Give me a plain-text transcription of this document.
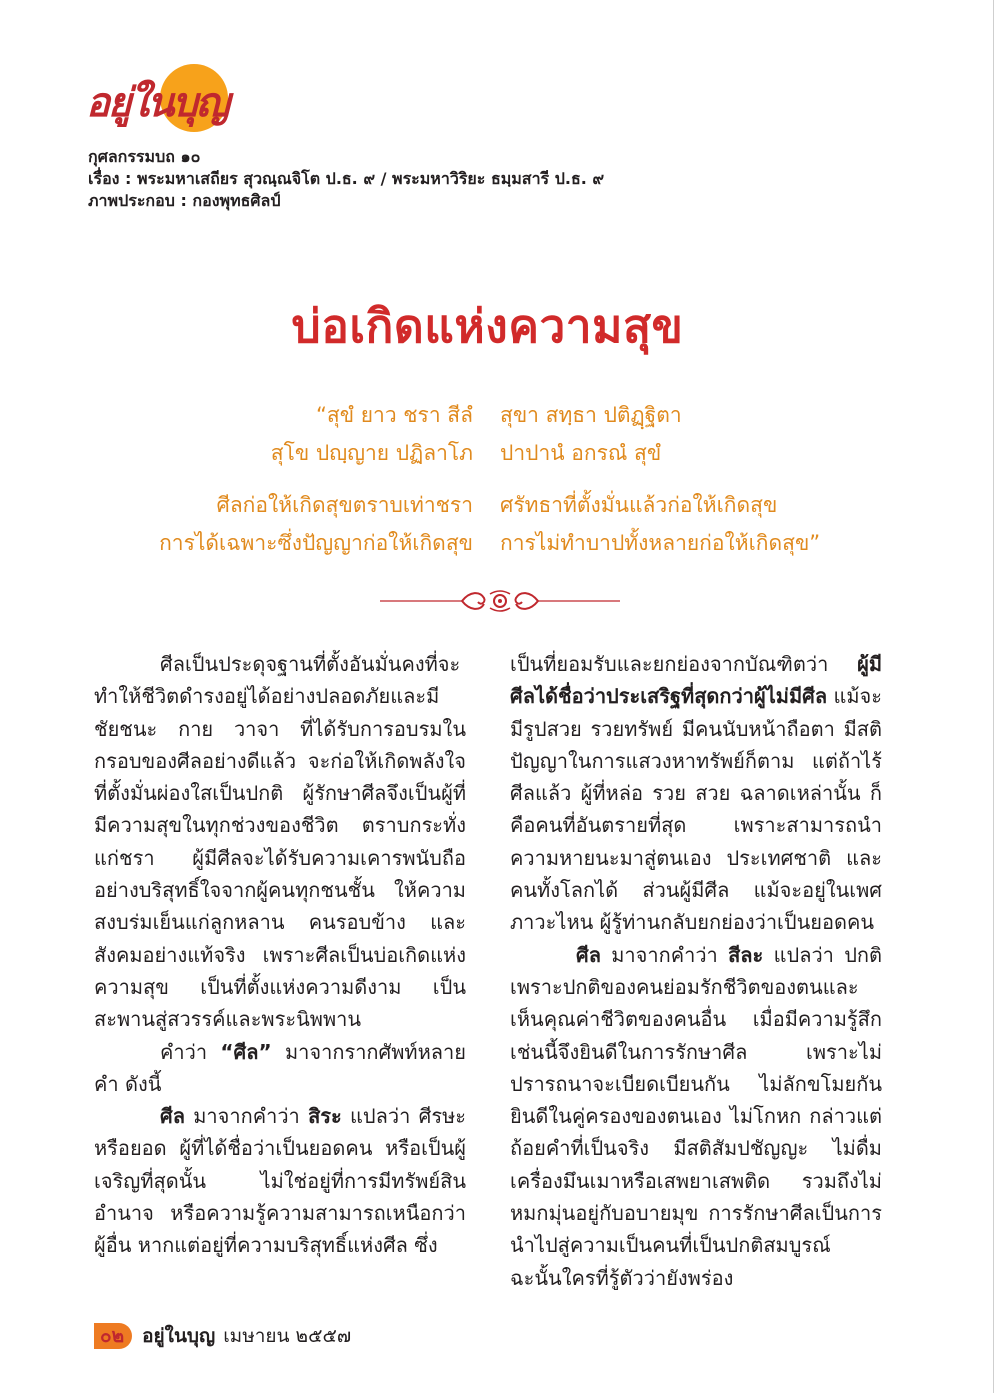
อยู่ในบุญ
กุศลกรรมบถ ๑๐
เรื่อง : พระมหาเสถียร สุวณฺณจิโต ป.ธ. ๙ / พระมหาวิริยะ ธมฺมสารี ป.ธ. ๙
ภาพประกอบ : กองพุทธศิลป์
บ่อเกิดแห่งความสุข
“สุขํ ยาว ชรา สีลํ
สุโข ปญฺญาย ปฏิลาโภ
สุขา สทฺธา ปติฏฺฐิตา
ปาปานํ อกรณํ สุขํ
ศีลก่อให้เกิดสุขตราบเท่าชรา
การได้เฉพาะซึ่งปัญญาก่อให้เกิดสุข
ศรัทธาที่ตั้งมั่นแล้วก่อให้เกิดสุข
การไม่ทำบาปทั้งหลายก่อให้เกิดสุข”

ศีลเป็นประดุจฐานที่ตั้งอันมั่นคงที่จะทำให้ชีวิตดำรงอยู่ได้อย่างปลอดภัยและมีชัยชนะ กาย วาจา ที่ได้รับการอบรมในกรอบของศีลอย่างดีแล้ว จะก่อให้เกิดพลังใจที่ตั้งมั่นผ่องใสเป็นปกติ ผู้รักษาศีลจึงเป็นผู้ที่มีความสุขในทุกช่วงของชีวิต ตราบกระทั่งแก่ชรา ผู้มีศีลจะได้รับความเคารพนับถืออย่างบริสุทธิ์ใจจากผู้คนทุกชนชั้น ให้ความสงบร่มเย็นแก่ลูกหลาน คนรอบข้าง และสังคมอย่างแท้จริง เพราะศีลเป็นบ่อเกิดแห่งความสุข เป็นที่ตั้งแห่งความดีงาม เป็นสะพานสู่สวรรค์และพระนิพพาน

คำว่า “ศีล” มาจากรากศัพท์หลายคำ ดังนี้

ศีล มาจากคำว่า สิระ แปลว่า ศีรษะ หรือยอด ผู้ที่ได้ชื่อว่าเป็นยอดคน หรือเป็นผู้เจริญที่สุดนั้น ไม่ใช่อยู่ที่การมีทรัพย์สิน อำนาจ หรือความรู้ความสามารถเหนือกว่าผู้อื่น หากแต่อยู่ที่ความบริสุทธิ์แห่งศีล ซึ่ง

เป็นที่ยอมรับและยกย่องจากบัณฑิตว่า ผู้มีศีลได้ชื่อว่าประเสริฐที่สุดกว่าผู้ไม่มีศีล แม้จะมีรูปสวย รวยทรัพย์ มีคนนับหน้าถือตา มีสติปัญญาในการแสวงหาทรัพย์ก็ตาม แต่ถ้าไร้ศีลแล้ว ผู้ที่หล่อ รวย สวย ฉลาดเหล่านั้น ก็คือคนที่อันตรายที่สุด เพราะสามารถนำความหายนะมาสู่ตนเอง ประเทศชาติ และคนทั้งโลกได้ ส่วนผู้มีศีล แม้จะอยู่ในเพศภาวะไหน ผู้รู้ท่านกลับยกย่องว่าเป็นยอดคน

ศีล มาจากคำว่า สีละ แปลว่า ปกติ เพราะปกติของคนย่อมรักชีวิตของตนและเห็นคุณค่าชีวิตของคนอื่น เมื่อมีความรู้สึกเช่นนี้จึงยินดีในการรักษาศีล เพราะไม่ปรารถนาจะเบียดเบียนกัน ไม่ลักขโมยกัน ยินดีในคู่ครองของตนเอง ไม่โกหก กล่าวแต่ถ้อยคำที่เป็นจริง มีสติสัมปชัญญะ ไม่ดื่มเครื่องมึนเมาหรือเสพยาเสพติด รวมถึงไม่หมกมุ่นอยู่กับอบายมุข การรักษาศีลเป็นการนำไปสู่ความเป็นคนที่เป็นปกติสมบูรณ์ ฉะนั้นใครที่รู้ตัวว่ายังพร่อง

๐๒ อยู่ในบุญ เมษายน ๒๕๕๗
